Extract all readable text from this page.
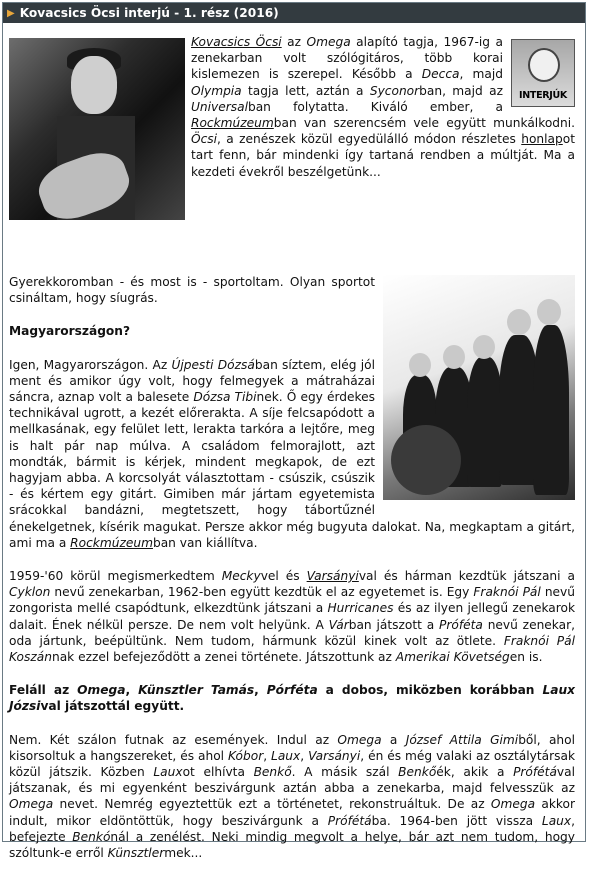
▶ Kovacsics Öcsi interjú - 1. rész (2016)
INTERJÚK

Kovacsics Öcsi az Omega alapító tagja, 1967-ig a zenekarban volt szólógitáros, több korai kislemezen is szerepel. Később a Decca, majd Olympia tagja lett, aztán a Syconorban, majd az Universalban folytatta. Kiváló ember, a Rockmúzeumban van szerencsém vele együtt munkálkodni. Öcsi, a zenészek közül egyedülálló módon részletes honlapot tart fenn, bár mindenki így tartaná rendben a múltját. Ma a kezdeti évekről beszélgetünk...

Gyerekkoromban - és most is - sportoltam. Olyan sportot csináltam, hogy síugrás.

Magyarországon?

Igen, Magyarországon. Az Újpesti Dózsában síztem, elég jól ment és amikor úgy volt, hogy felmegyek a mátraházai sáncra, aznap volt a balesete Dózsa Tibinek. Ő egy érdekes technikával ugrott, a kezét előrerakta. A síje felcsapódott a mellkasának, egy felület lett, lerakta tarkóra a lejtőre, meg is halt pár nap múlva. A családom felmorajlott, azt mondták, bármit is kérjek, mindent megkapok, de ezt hagyjam abba. A korcsolyát választottam - csúszik, csúszik - és kértem egy gitárt. Gimiben már jártam egyetemista srácokkal bandázni, megtetszett, hogy tábortűznél énekelgetnek, kísérik magukat. Persze akkor még bugyuta dalokat. Na, megkaptam a gitárt, ami ma a Rockmúzeumban van kiállítva.

1959-'60 körül megismerkedtem Meckyvel és Varsányival és hárman kezdtük játszani a Cyklon nevű zenekarban, 1962-ben együtt kezdtük el az egyetemet is. Egy Fraknói Pál nevű zongorista mellé csapódtunk, elkezdtünk játszani a Hurricanes és az ilyen jellegű zenekarok dalait. Ének nélkül persze. De nem volt helyünk. A Várban játszott a Próféta nevű zenekar, oda jártunk, beépültünk. Nem tudom, hármunk közül kinek volt az ötlete. Fraknói Pál Koszánnak ezzel befejeződött a zenei története. Játszottunk az Amerikai Követségen is.

Feláll az Omega, Künsztler Tamás, Pórféta a dobos, miközben korábban Laux Józsival játszottál együtt.

Nem. Két szálon futnak az események. Indul az Omega a József Attila Gimiből, ahol kisorsoltuk a hangszereket, és ahol Kóbor, Laux, Varsányi, én és még valaki az osztálytársak közül játszik. Közben Lauxot elhívta Benkő. A másik szál Benkőék, akik a Prófétával játszanak, és mi egyenként beszivárgunk aztán abba a zenekarba, majd felvesszük az Omega nevet. Nemrég egyeztettük ezt a történetet, rekonstruáltuk. De az Omega akkor indult, mikor eldöntöttük, hogy beszivárgunk a Prófétába. 1964-ben jött vissza Laux, befejezte Benkónál a zenélést. Neki mindig megvolt a helye, bár azt nem tudom, hogy szóltunk-e erről Künsztlermek...
